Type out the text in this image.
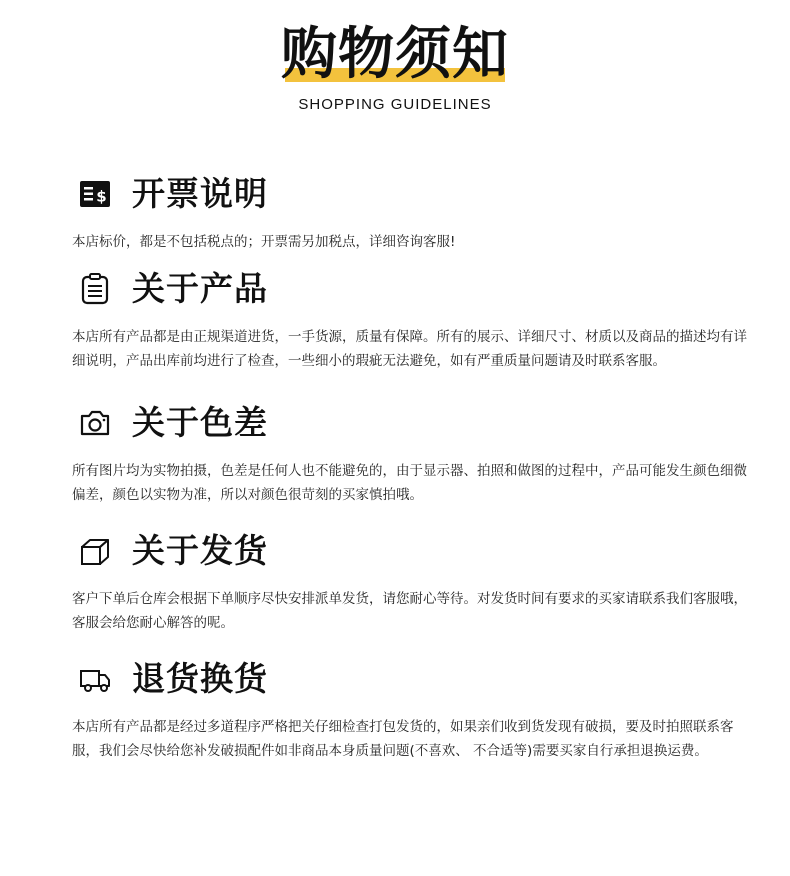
购物须知
SHOPPING GUIDELINES
$ 开票说明
本店标价，都是不包括税点的；开票需另加税点，详细咨询客服!
关于产品
本店所有产品都是由正规渠道进货，一手货源，质量有保障。所有的展示、详细尺寸、材质以及商品的描述均有详细说明，产品出库前均进行了检查，一些细小的瑕疵无法避免，如有严重质量问题请及时联系客服。
关于色差
所有图片均为实物拍摄，色差是任何人也不能避免的，由于显示器、拍照和做图的过程中，产品可能发生颜色细微偏差，颜色以实物为准，所以对颜色很苛刻的买家慎拍哦。
关于发货
客户下单后仓库会根据下单顺序尽快安排派单发货，请您耐心等待。对发货时间有要求的买家请联系我们客服哦，客服会给您耐心解答的呢。
退货换货
本店所有产品都是经过多道程序严格把关仔细检查打包发货的，如果亲们收到货发现有破损，要及时拍照联系客服，我们会尽快给您补发破损配件如非商品本身质量问题(不喜欢、 不合适等)需要买家自行承担退换运费。
